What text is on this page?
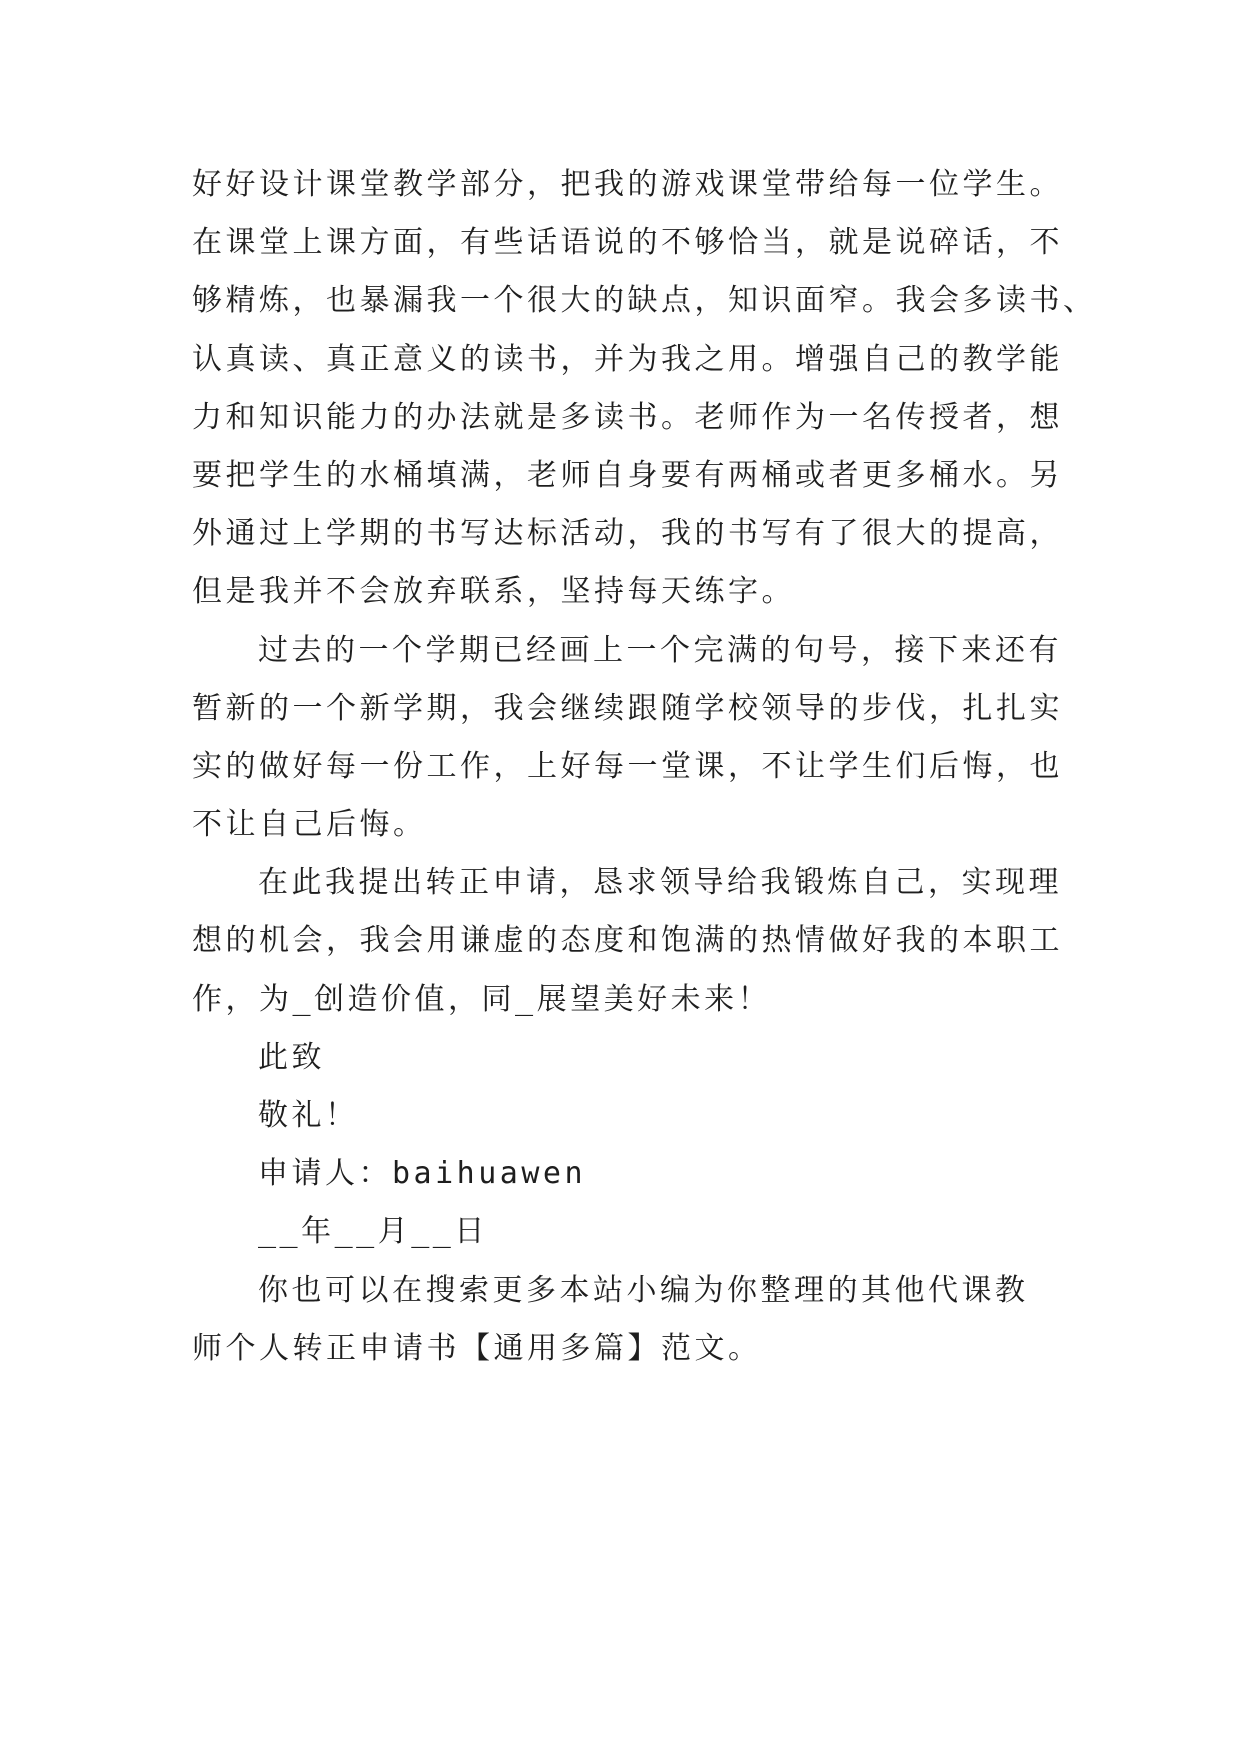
好好设计课堂教学部分，把我的游戏课堂带给每一位学生。
在课堂上课方面，有些话语说的不够恰当，就是说碎话，不
够精炼，也暴漏我一个很大的缺点，知识面窄。我会多读书、
认真读、真正意义的读书，并为我之用。增强自己的教学能
力和知识能力的办法就是多读书。老师作为一名传授者，想
要把学生的水桶填满，老师自身要有两桶或者更多桶水。另
外通过上学期的书写达标活动，我的书写有了很大的提高，
但是我并不会放弃联系，坚持每天练字。
过去的一个学期已经画上一个完满的句号，接下来还有
暂新的一个新学期，我会继续跟随学校领导的步伐，扎扎实
实的做好每一份工作，上好每一堂课，不让学生们后悔，也
不让自己后悔。
在此我提出转正申请，恳求领导给我锻炼自己，实现理
想的机会，我会用谦虚的态度和饱满的热情做好我的本职工
作，为_创造价值，同_展望美好未来！
此致
敬礼！
申请人：baihuawen
__年__月__日
你也可以在搜索更多本站小编为你整理的其他代课教
师个人转正申请书【通用多篇】范文。
